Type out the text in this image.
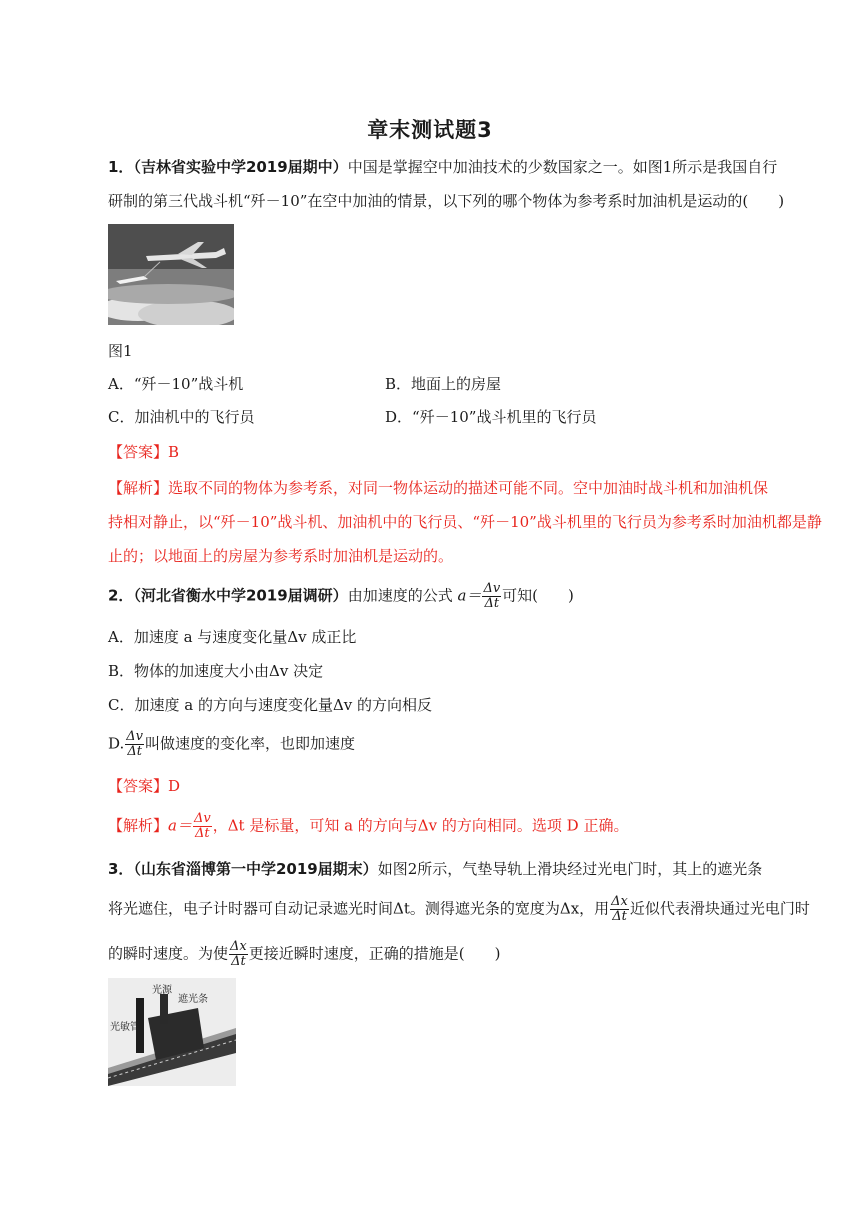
章末测试题3
1．（吉林省实验中学2019届期中）中国是掌握空中加油技术的少数国家之一。如图1所示是我国自行
研制的第三代战斗机“歼－10”在空中加油的情景，以下列的哪个物体为参考系时加油机是运动的(　　)
图1
A．“歼－10”战斗机	B．地面上的房屋
C．加油机中的飞行员	D．“歼－10”战斗机里的飞行员
【答案】B
【解析】选取不同的物体为参考系，对同一物体运动的描述可能不同。空中加油时战斗机和加油机保
持相对静止，以“歼－10”战斗机、加油机中的飞行员、“歼－10”战斗机里的飞行员为参考系时加油机都是静
止的；以地面上的房屋为参考系时加油机是运动的。
2．（河北省衡水中学2019届调研）由加速度的公式 $a= \frac{\Delta v}{\Delta t}$ 可知(　　)
A．加速度 a 与速度变化量Δv 成正比
B．物体的加速度大小由Δv 决定
C．加速度 a 的方向与速度变化量Δv 的方向相反
D. $\frac{\Delta v}{\Delta t}$ 叫做速度的变化率，也即加速度
【答案】D
【解析】$a= \frac{\Delta v}{\Delta t}$ ，Δt 是标量，可知 a 的方向与Δv 的方向相同。选项 D 正确。
3．（山东省淄博第一中学2019届期末）如图2所示，气垫导轨上滑块经过光电门时，其上的遮光条
将光遮住，电子计时器可自动记录遮光时间Δt。测得遮光条的宽度为Δx，用 $\frac{\Delta x}{\Delta t}$ 近似代表滑块通过光电门时
的瞬时速度。为使 $\frac{\Delta x}{\Delta t}$ 更接近瞬时速度，正确的措施是(　　)
光源
遮光条
光敏管
